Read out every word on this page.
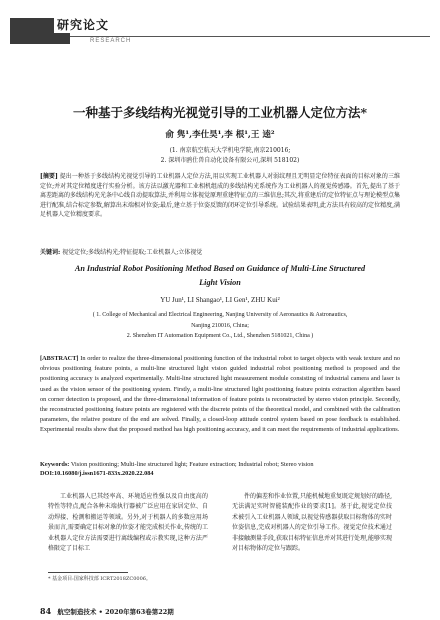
研究论文
RESEARCH
一种基于多线结构光视觉引导的工业机器人定位方法*
俞 隽¹,李仕昊¹,李 根¹,王 逵²
(1. 南京航空航天大学机电学院,南京210016;
2. 深圳市鸥仕兽自动化设备有限公司,深圳 518102)
[摘要] 提出一种基于多线结构光视觉引导的工业机器人定位方法,用以实现工业机器人对弱纹理且无明显定位特征表面的目标对象的三维定位;并对其定位精度进行实验分析。该方法以激光器和工业相机组成的多线结构光系统作为工业机器人的视觉传感器。首先,提出了基于离差距离的多线结构光光条中心线自动提取算法,并利用立体视觉原理重建特征点的三维信息;其次,将重建后的定位特征点与理论模型点集进行配准,结合标定参数,解算出末端相对位姿;最后,建立基于位姿反馈的闭环定位引导系统。试验结果表明,此方法具有较高的定位精度,满足机器人定位精度要求。
关键词: 视觉定位;多线结构光;特征提取;工业机器人;立体视觉
An Industrial Robot Positioning Method Based on Guidance of Multi-Line Structured Light Vision
YU Jun¹, LI Shangao¹, LI Gen¹, ZHU Kui²
( 1. College of Mechanical and Electrical Engineering, Nanjing University of Aeronautics & Astronautics,
Nanjing 210016, China;
2. Shenzhen IT Automation Equipment Co., Ltd., Shenzhen 5181021, China )
[ABSTRACT] In order to realize the three-dimensional positioning function of the industrial robot to target objects with weak texture and no obvious positioning feature points, a multi-line structured light vision guided industrial robot positioning method is proposed and the positioning accuracy is analyzed experimentally. Multi-line structured light measurement module consisting of industrial camera and laser is used as the vision sensor of the positioning system. Firstly, a multi-line structured light positioning feature points extraction algorithm based on corner detection is proposed, and the three-dimensional information of feature points is reconstructed by stereo vision principle. Secondly, the reconstructed positioning feature points are registered with the discrete points of the theoretical model, and combined with the calibration parameters, the relative posture of the end are solved. Finally, a closed-loop attitude control system based on pose feedback is established. Experimental results show that the proposed method has high positioning accuracy, and it can meet the requirements of industrial applications.
Keywords: Vision positioning; Multi-line structured light; Feature extraction; Industrial robot; Stereo vision
DOI:10.16080/j.issn1671-833x.2020.22.084
工业机器人已其经率高、环境适应性强以及自由度高的特性等特点,配合各种末端执行器被广泛应用在家居定位、自动焊接、检测和搬运等领域。另外,对于机器人的多数应用场景而言,需要确定目标对象的位姿才能完成相关作业,传统的工业机器人定位方法需要进行离线编程或示教实现,这种方法严格限定了目标工
件的偏差和作业位置,只能机械地重复既定规划好的路径,无法满足实时智能装配作业的要求[1]。基于此,视觉定位技术被引入工业机器人领域,以视觉传感器获取目标物体的实时位姿信息,完成对机器人的定位引导工作。视觉定位技术通过非接触测量手段,获取目标特征信息并对其进行处理,能够实现对目标物体的定位与跟踪。
* 基金项目:国家科技部 ICRT2018ZC0006。
84 航空制造技术 • 2020年第63卷第22期
